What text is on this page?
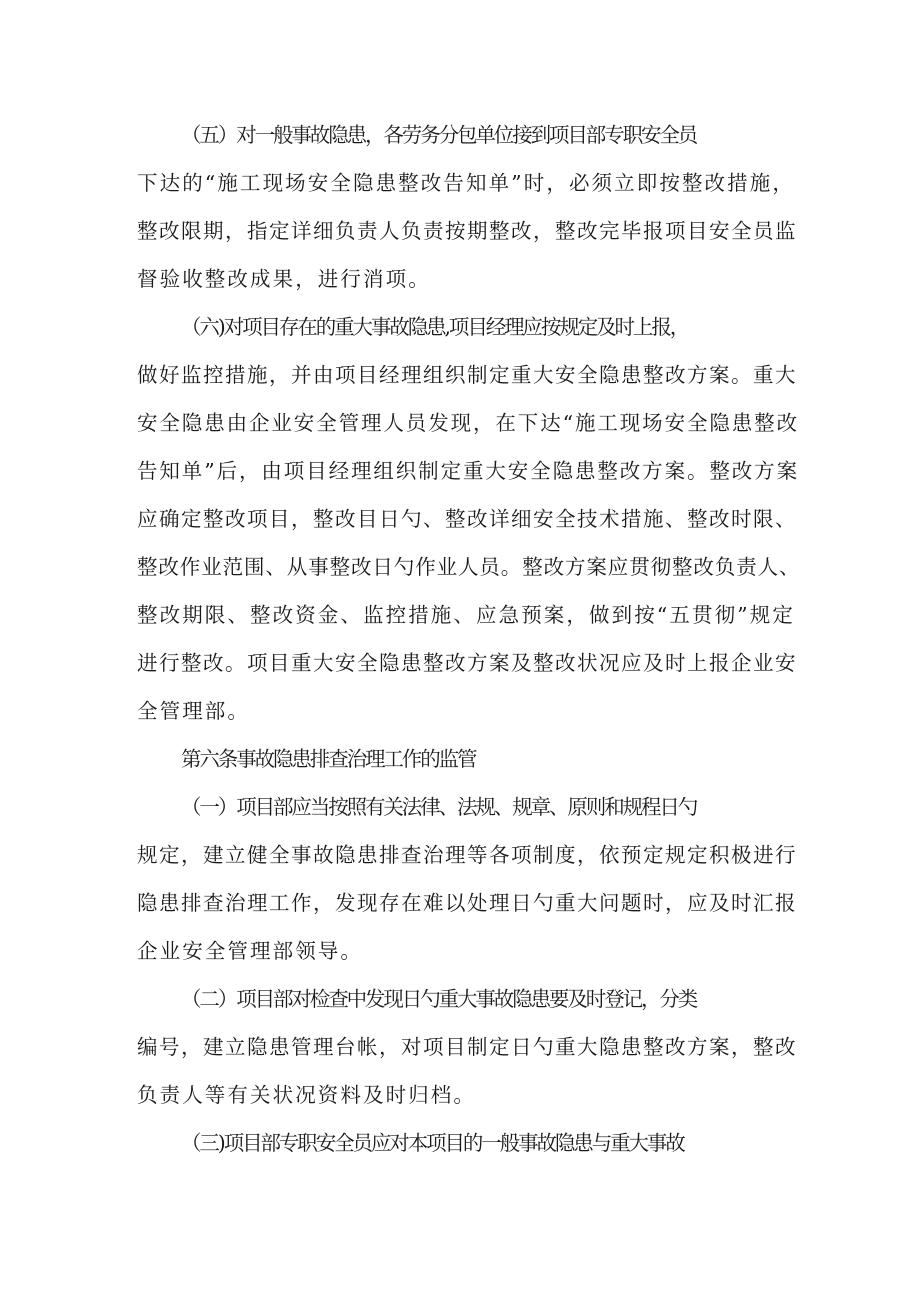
（五）对一般事故隐患，各劳务分包单位接到项目部专职安全员
下达的“施工现场安全隐患整改告知单”时，必须立即按整改措施，
整改限期，指定详细负责人负责按期整改，整改完毕报项目安全员监
督验收整改成果，进行消项。
（六)对项目存在的重大事故隐患,项目经理应按规定及时上报，
做好监控措施，并由项目经理组织制定重大安全隐患整改方案。重大
安全隐患由企业安全管理人员发现，在下达“施工现场安全隐患整改
告知单”后，由项目经理组织制定重大安全隐患整改方案。整改方案
应确定整改项目，整改目日勺、整改详细安全技术措施、整改时限、
整改作业范围、从事整改日勺作业人员。整改方案应贯彻整改负责人、
整改期限、整改资金、监控措施、应急预案，做到按“五贯彻”规定
进行整改。项目重大安全隐患整改方案及整改状况应及时上报企业安
全管理部。
第六条事故隐患排查治理工作的监管
（一）项目部应当按照有关法律、法规、规章、原则和规程日勺
规定，建立健全事故隐患排查治理等各项制度，依预定规定积极进行
隐患排查治理工作，发现存在难以处理日勺重大问题时，应及时汇报
企业安全管理部领导。
（二）项目部对检查中发现日勺重大事故隐患要及时登记，分类
编号，建立隐患管理台帐，对项目制定日勺重大隐患整改方案，整改
负责人等有关状况资料及时归档。
（三)项目部专职安全员应对本项目的一般事故隐患与重大事故
